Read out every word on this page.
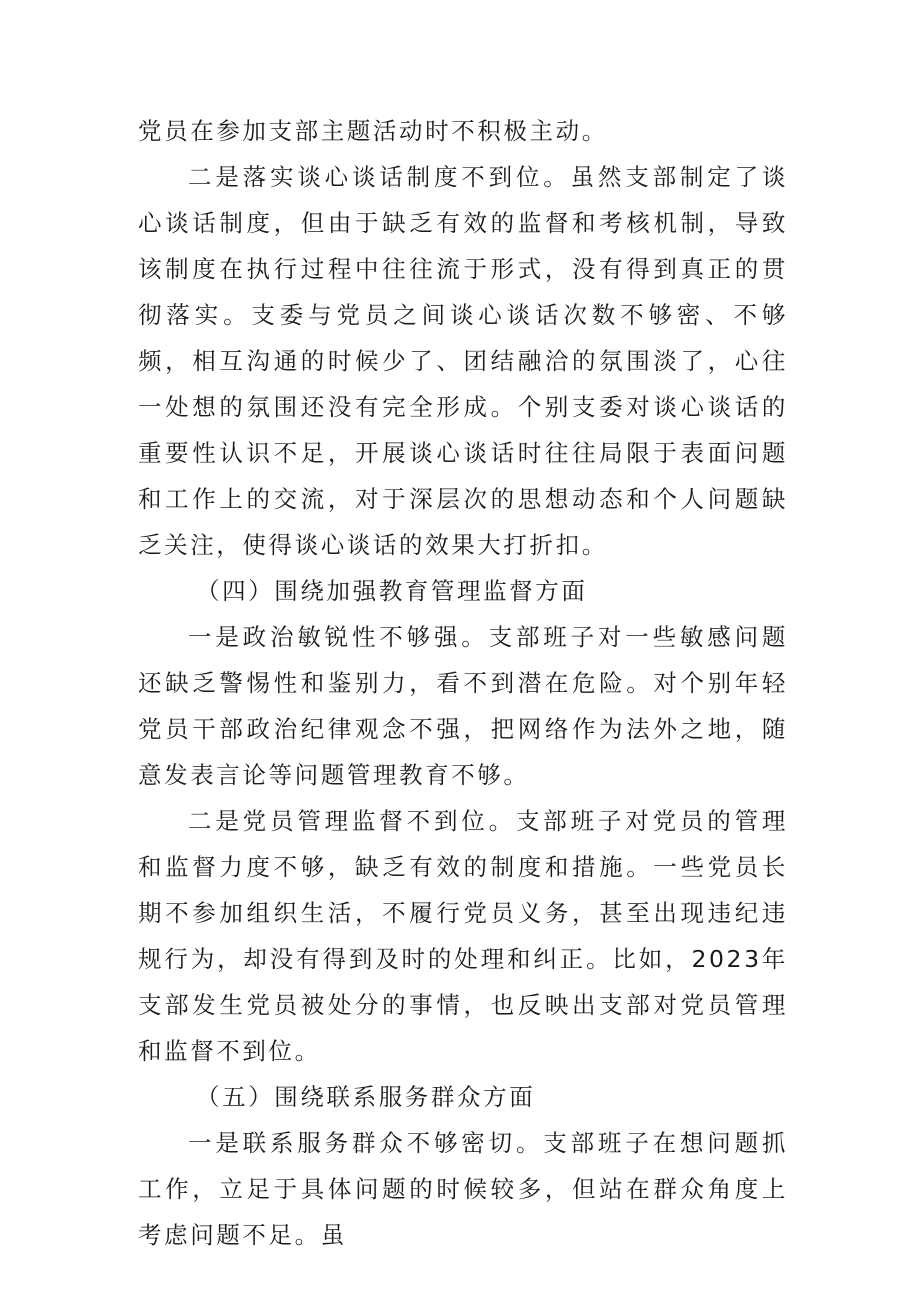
党员在参加支部主题活动时不积极主动。

二是落实谈心谈话制度不到位。虽然支部制定了谈心谈话制度，但由于缺乏有效的监督和考核机制，导致该制度在执行过程中往往流于形式，没有得到真正的贯彻落实。支委与党员之间谈心谈话次数不够密、不够频，相互沟通的时候少了、团结融洽的氛围淡了，心往一处想的氛围还没有完全形成。个别支委对谈心谈话的重要性认识不足，开展谈心谈话时往往局限于表面问题和工作上的交流，对于深层次的思想动态和个人问题缺乏关注，使得谈心谈话的效果大打折扣。

（四）围绕加强教育管理监督方面

一是政治敏锐性不够强。支部班子对一些敏感问题还缺乏警惕性和鉴别力，看不到潜在危险。对个别年轻党员干部政治纪律观念不强，把网络作为法外之地，随意发表言论等问题管理教育不够。

二是党员管理监督不到位。支部班子对党员的管理和监督力度不够，缺乏有效的制度和措施。一些党员长期不参加组织生活，不履行党员义务，甚至出现违纪违规行为，却没有得到及时的处理和纠正。比如，2023年支部发生党员被处分的事情，也反映出支部对党员管理和监督不到位。

（五）围绕联系服务群众方面

一是联系服务群众不够密切。支部班子在想问题抓工作，立足于具体问题的时候较多，但站在群众角度上考虑问题不足。虽
